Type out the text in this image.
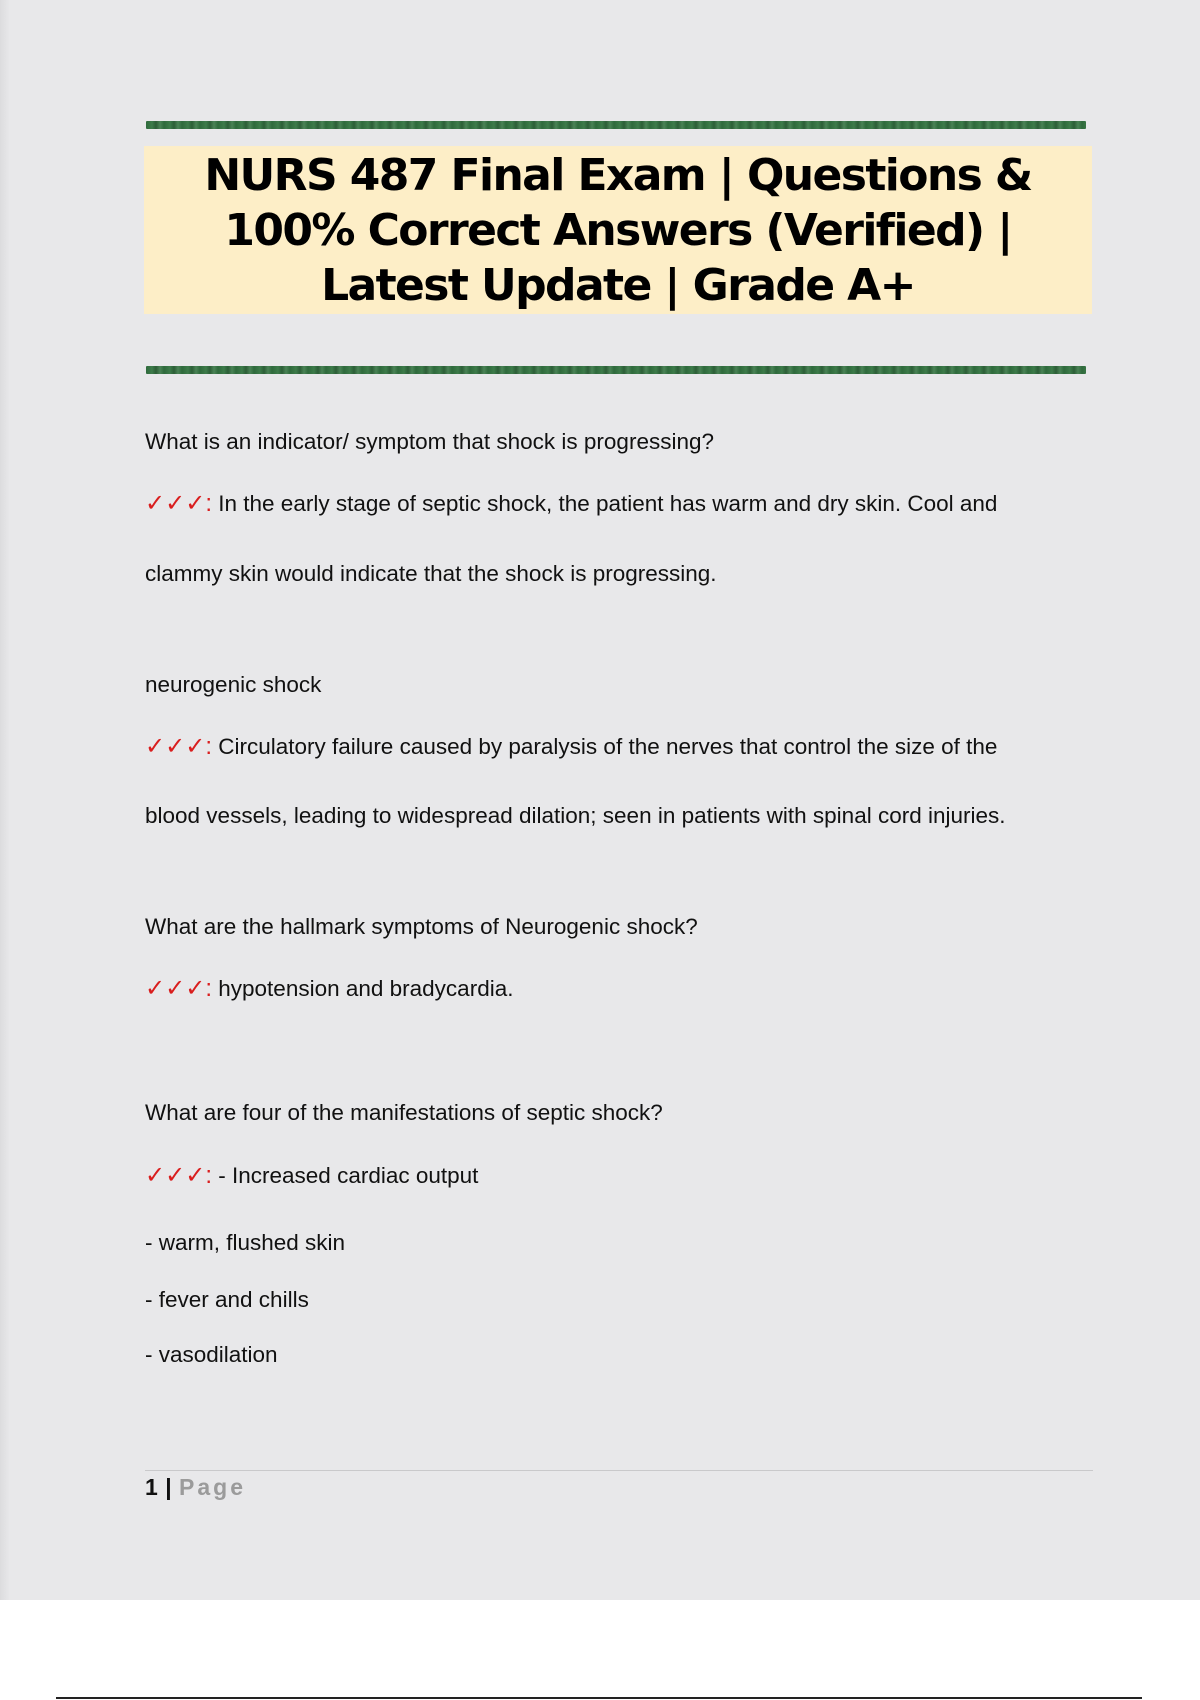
NURS 487 Final Exam | Questions & 100% Correct Answers (Verified) | Latest Update | Grade A+
What is an indicator/ symptom that shock is progressing?
✓✓✓: In the early stage of septic shock, the patient has warm and dry skin. Cool and
clammy skin would indicate that the shock is progressing.
neurogenic shock
✓✓✓: Circulatory failure caused by paralysis of the nerves that control the size of the
blood vessels, leading to widespread dilation; seen in patients with spinal cord injuries.
What are the hallmark symptoms of Neurogenic shock?
✓✓✓: hypotension and bradycardia.
What are four of the manifestations of septic shock?
✓✓✓: - Increased cardiac output
- warm, flushed skin
- fever and chills
- vasodilation
1 | Page
